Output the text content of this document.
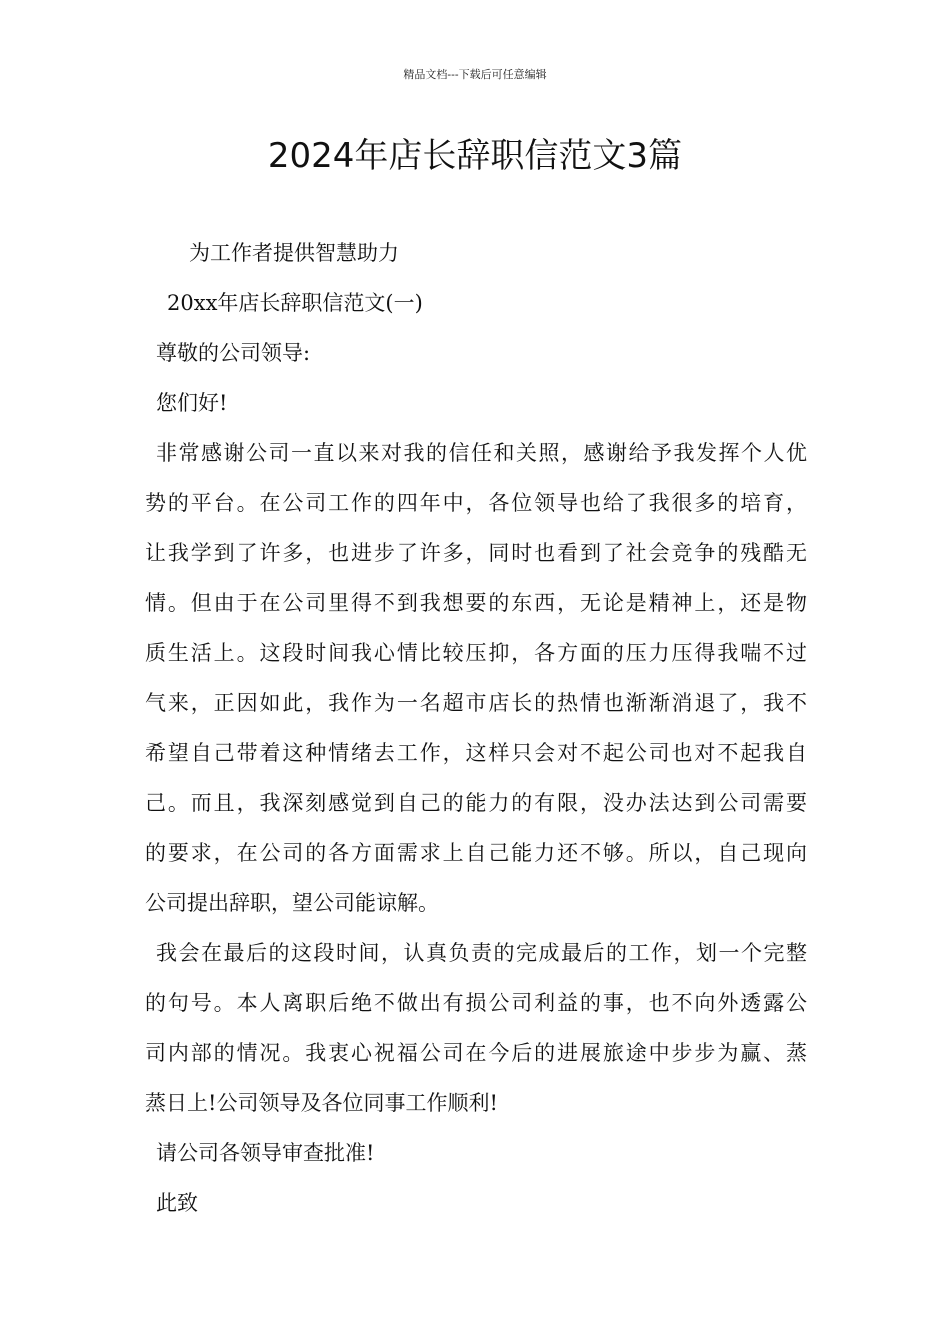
精品文档---下载后可任意编辑
2024年店长辞职信范文3篇
为工作者提供智慧助力
20xx年店长辞职信范文(一)
尊敬的公司领导:
您们好!
非常感谢公司一直以来对我的信任和关照，感谢给予我发挥个人优
势的平台。在公司工作的四年中，各位领导也给了我很多的培育，
让我学到了许多，也进步了许多，同时也看到了社会竞争的残酷无
情。但由于在公司里得不到我想要的东西，无论是精神上，还是物
质生活上。这段时间我心情比较压抑，各方面的压力压得我喘不过
气来，正因如此，我作为一名超市店长的热情也渐渐消退了，我不
希望自己带着这种情绪去工作，这样只会对不起公司也对不起我自
己。而且，我深刻感觉到自己的能力的有限，没办法达到公司需要
的要求，在公司的各方面需求上自己能力还不够。所以，自己现向
公司提出辞职，望公司能谅解。
我会在最后的这段时间，认真负责的完成最后的工作，划一个完整
的句号。本人离职后绝不做出有损公司利益的事，也不向外透露公
司内部的情况。我衷心祝福公司在今后的进展旅途中步步为赢、蒸
蒸日上!公司领导及各位同事工作顺利!
请公司各领导审查批准!
此致
